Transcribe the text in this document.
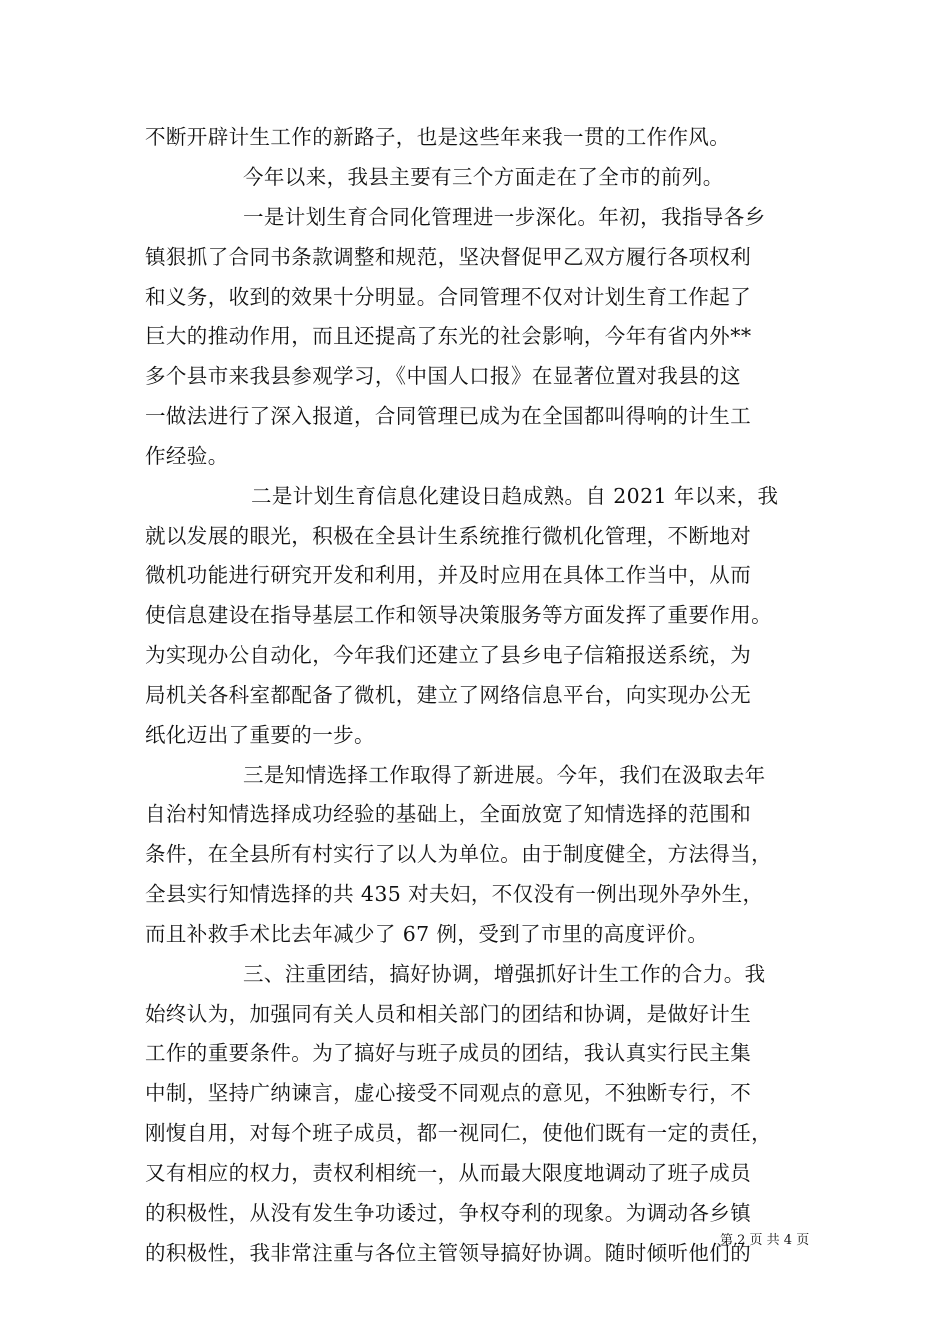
不断开辟计生工作的新路子，也是这些年来我一贯的工作作风。
今年以来，我县主要有三个方面走在了全市的前列。
一是计划生育合同化管理进一步深化。年初，我指导各乡
镇狠抓了合同书条款调整和规范，坚决督促甲乙双方履行各项权利
和义务，收到的效果十分明显。合同管理不仅对计划生育工作起了
巨大的推动作用，而且还提高了东光的社会影响，今年有省内外**
多个县市来我县参观学习，《中国人口报》在显著位置对我县的这
一做法进行了深入报道，合同管理已成为在全国都叫得响的计生工
作经验。
二是计划生育信息化建设日趋成熟。自 2021 年以来，我
就以发展的眼光，积极在全县计生系统推行微机化管理，不断地对
微机功能进行研究开发和利用，并及时应用在具体工作当中，从而
使信息建设在指导基层工作和领导决策服务等方面发挥了重要作用。
为实现办公自动化，今年我们还建立了县乡电子信箱报送系统，为
局机关各科室都配备了微机，建立了网络信息平台，向实现办公无
纸化迈出了重要的一步。
三是知情选择工作取得了新进展。今年，我们在汲取去年
自治村知情选择成功经验的基础上，全面放宽了知情选择的范围和
条件，在全县所有村实行了以人为单位。由于制度健全，方法得当，
全县实行知情选择的共 435 对夫妇，不仅没有一例出现外孕外生，
而且补救手术比去年减少了 67 例，受到了市里的高度评价。
三、注重团结，搞好协调，增强抓好计生工作的合力。我
始终认为，加强同有关人员和相关部门的团结和协调，是做好计生
工作的重要条件。为了搞好与班子成员的团结，我认真实行民主集
中制，坚持广纳谏言，虚心接受不同观点的意见，不独断专行，不
刚愎自用，对每个班子成员，都一视同仁，使他们既有一定的责任，
又有相应的权力，责权利相统一，从而最大限度地调动了班子成员
的积极性，从没有发生争功诿过，争权夺利的现象。为调动各乡镇
的积极性，我非常注重与各位主管领导搞好协调。随时倾听他们的
第 2 页 共 4 页
